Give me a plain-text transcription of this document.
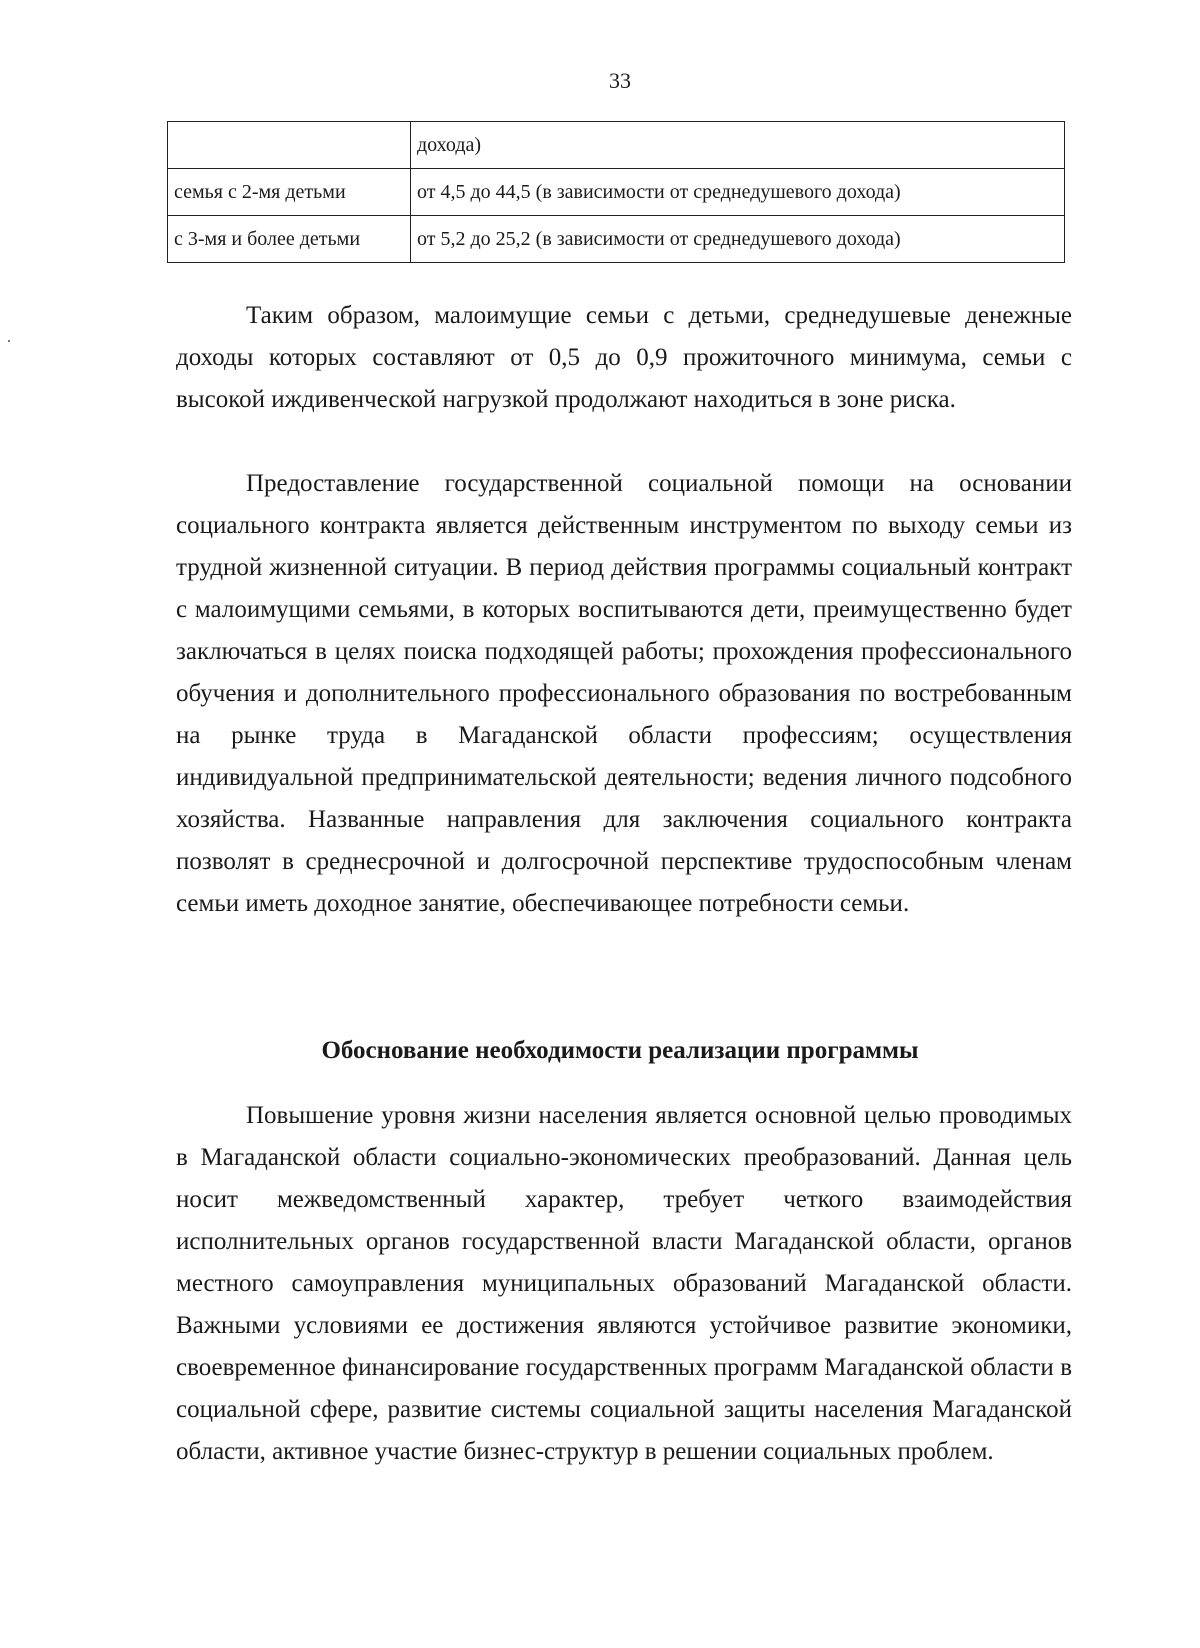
33
	дохода)
семья с 2-мя детьми	от 4,5 до 44,5 (в зависимости от среднедушевого дохода)
с 3-мя и более детьми	от 5,2 до 25,2 (в зависимости от среднедушевого дохода)

Таким образом, малоимущие семьи с детьми, среднедушевые денежные доходы которых составляют от 0,5 до 0,9 прожиточного минимума, семьи с высокой иждивенческой нагрузкой продолжают находиться в зоне риска.

Предоставление государственной социальной помощи на основании социального контракта является действенным инструментом по выходу семьи из трудной жизненной ситуации. В период действия программы социальный контракт с малоимущими семьями, в которых воспитываются дети, преимущественно будет заключаться в целях поиска подходящей работы; прохождения профессионального обучения и дополнительного профессионального образования по востребованным на рынке труда в Магаданской области профессиям; осуществления индивидуальной предпринимательской деятельности; ведения личного подсобного хозяйства. Названные направления для заключения социального контракта позволят в среднесрочной и долгосрочной перспективе трудоспособным членам семьи иметь доходное занятие, обеспечивающее потребности семьи.

Обоснование необходимости реализации программы

Повышение уровня жизни населения является основной целью проводимых в Магаданской области социально-экономических преобразований. Данная цель носит межведомственный характер, требует четкого взаимодействия исполнительных органов государственной власти Магаданской области, органов местного самоуправления муниципальных образований Магаданской области. Важными условиями ее достижения являются устойчивое развитие экономики, своевременное финансирование государственных программ Магаданской области в социальной сфере, развитие системы социальной защиты населения Магаданской области, активное участие бизнес-структур в решении социальных проблем.
